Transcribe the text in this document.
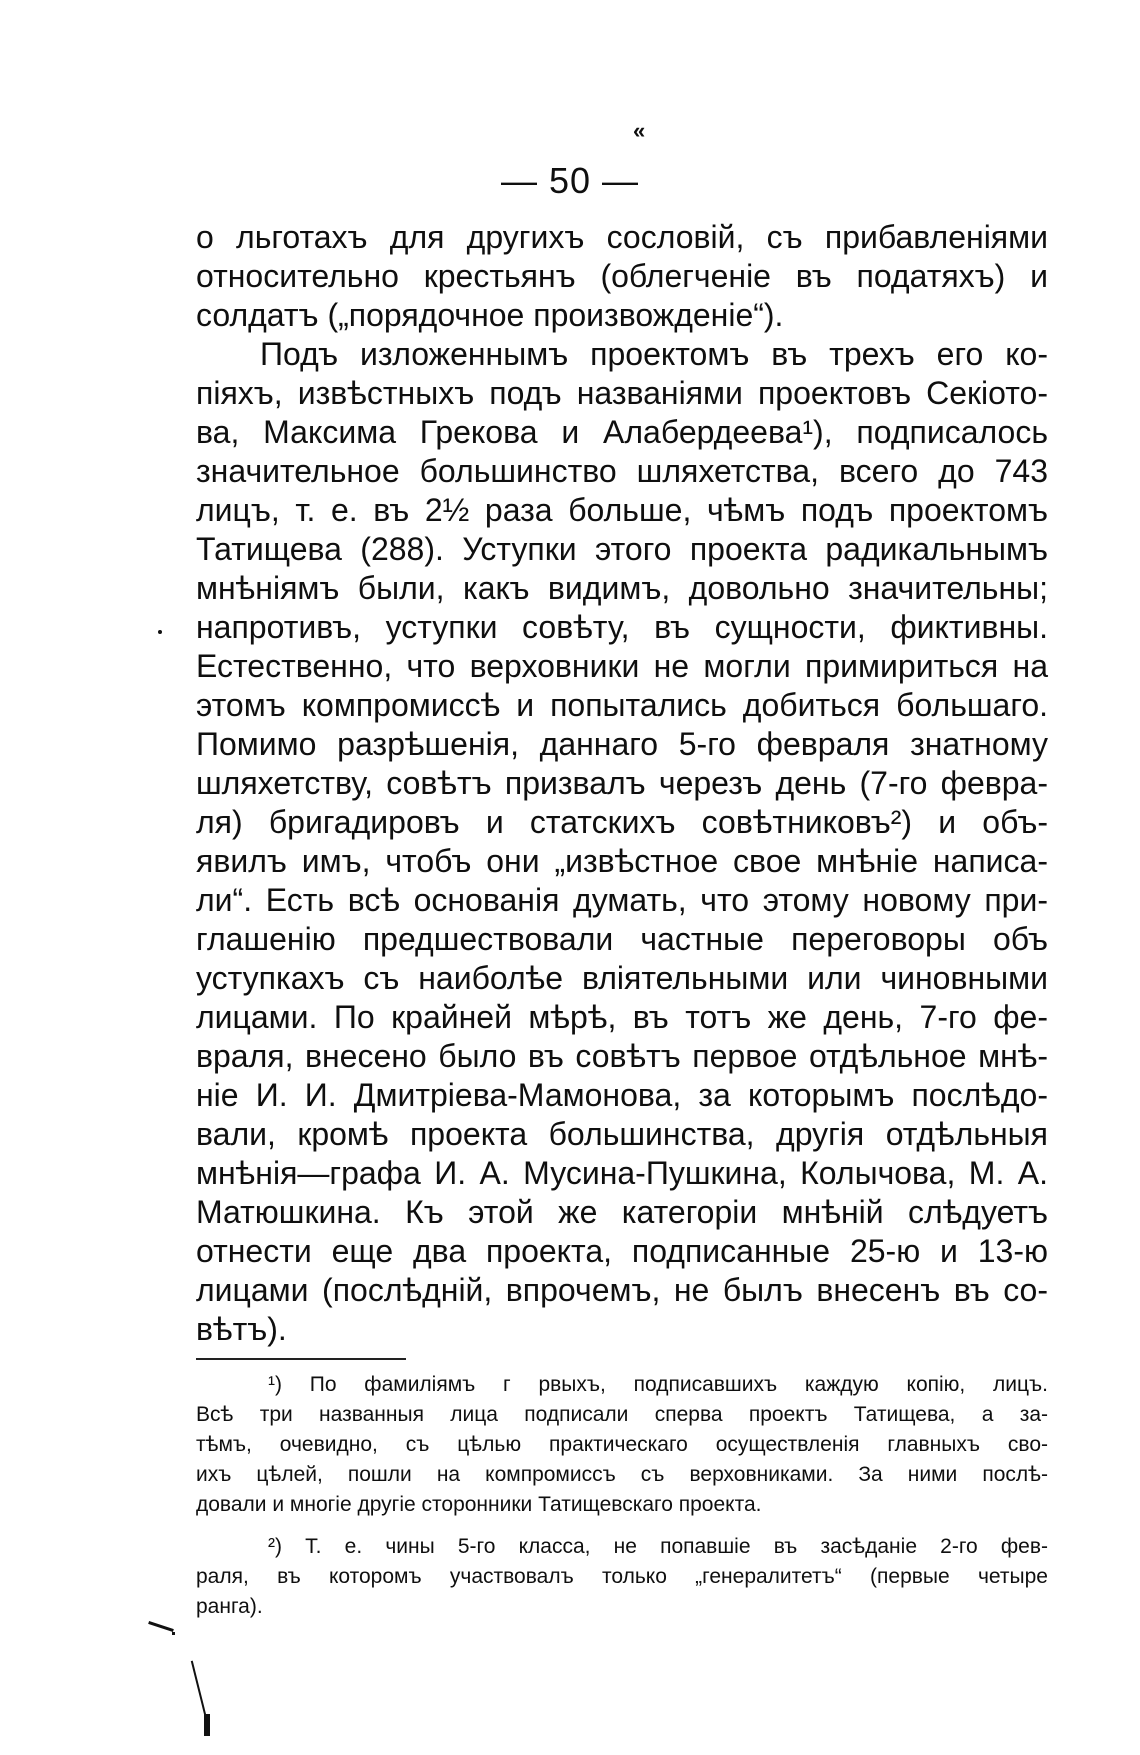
«
— 50 —
о льготахъ для другихъ сословій, съ прибавленіями
относительно крестьянъ (облегченіе въ податяхъ) и
солдатъ („порядочное произвожденіе“).
Подъ изложеннымъ проектомъ въ трехъ его ко-
піяхъ, извѣстныхъ подъ названіями проектовъ Секіото-
ва, Максима Грекова и Алабердеева¹), подписалось
значительное большинство шляхетства, всего до 743
лицъ, т. е. въ 2½ раза больше, чѣмъ подъ проектомъ
Татищева (288). Уступки этого проекта радикальнымъ
мнѣніямъ были, какъ видимъ, довольно значительны;
напротивъ, уступки совѣту, въ сущности, фиктивны.
Естественно, что верховники не могли примириться на
этомъ компромиссѣ и попытались добиться большаго.
Помимо разрѣшенія, даннаго 5-го февраля знатному
шляхетству, совѣтъ призвалъ черезъ день (7-го февра-
ля) бригадировъ и статскихъ совѣтниковъ²) и объ-
явилъ имъ, чтобъ они „извѣстное свое мнѣніе написа-
ли“. Есть всѣ основанія думать, что этому новому при-
глашенію предшествовали частные переговоры объ
уступкахъ съ наиболѣе вліятельными или чиновными
лицами. По крайней мѣрѣ, въ тотъ же день, 7-го фе-
враля, внесено было въ совѣтъ первое отдѣльное мнѣ-
ніе И. И. Дмитріева-Мамонова, за которымъ послѣдо-
вали, кромѣ проекта большинства, другія отдѣльныя
мнѣнія—графа И. А. Мусина-Пушкина, Колычова, М. А.
Матюшкина. Къ этой же категоріи мнѣній слѣдуетъ
отнести еще два проекта, подписанные 25-ю и 13-ю
лицами (послѣдній, впрочемъ, не былъ внесенъ въ со-
вѣтъ).
¹) По фамиліямъ г рвыхъ, подписавшихъ каждую копію, лицъ.
Всѣ три названныя лица подписали сперва проектъ Татищева, а за-
тѣмъ, очевидно, съ цѣлью практическаго осуществленія главныхъ сво-
ихъ цѣлей, пошли на компромиссъ съ верховниками. За ними послѣ-
довали и многіе другіе сторонники Татищевскаго проекта.
²) Т. е. чины 5-го класса, не попавшіе въ засѣданіе 2-го фев-
раля, въ которомъ участвовалъ только „генералитетъ“ (первые четыре
ранга).
